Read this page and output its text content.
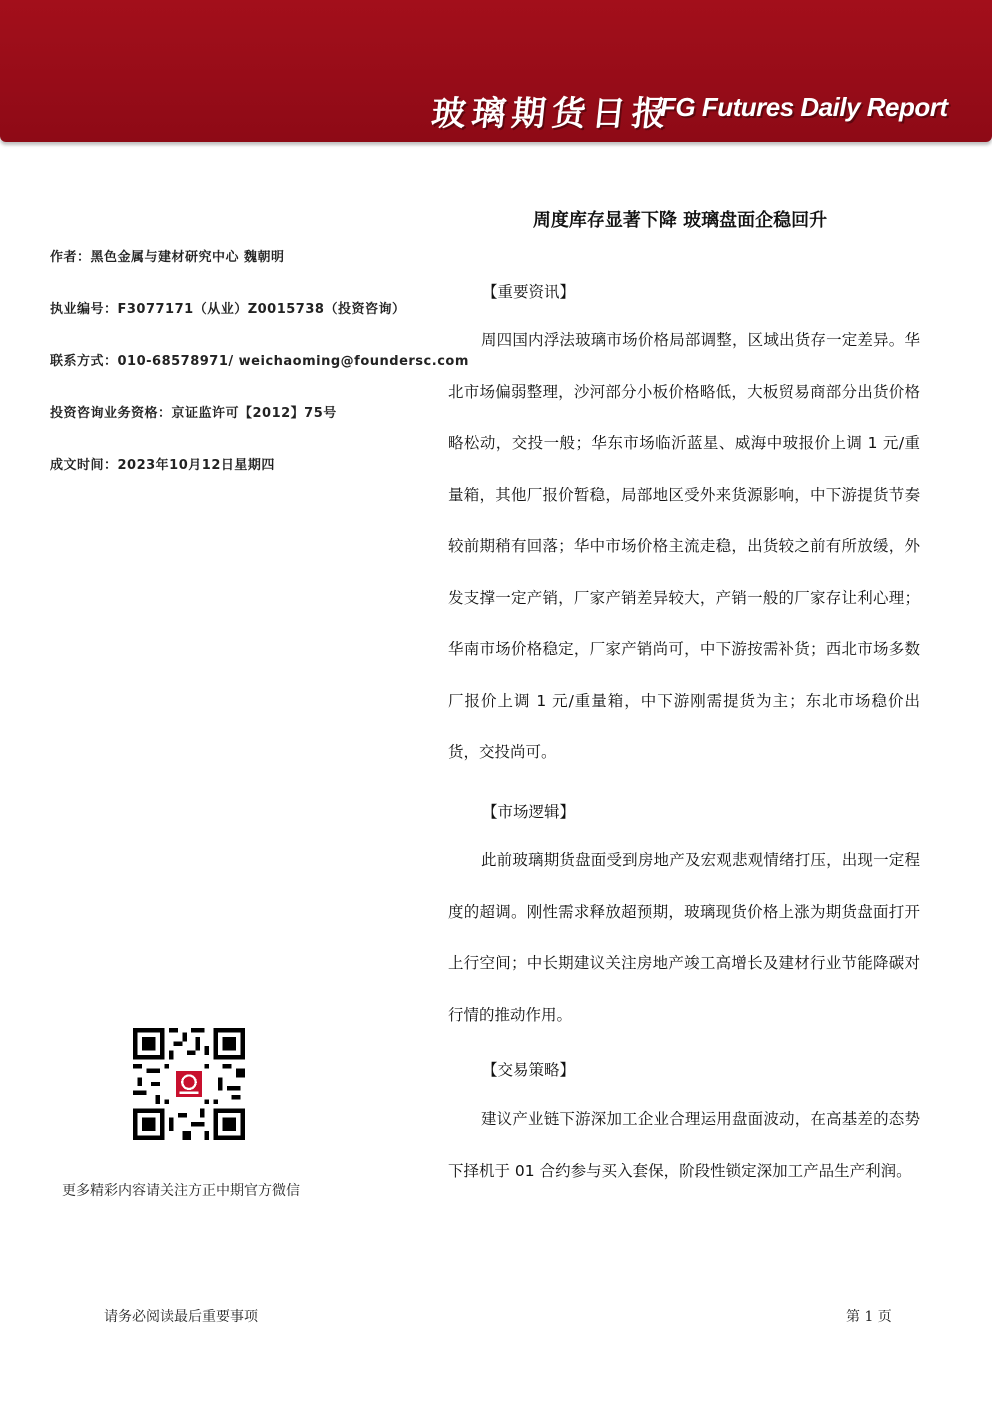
玻璃期货日报
FG Futures Daily Report
作者：黑色金属与建材研究中心 魏朝明
执业编号：F3077171（从业）Z0015738（投资咨询）
联系方式：010-68578971/ weichaoming@foundersc.com
投资咨询业务资格：京证监许可【2012】75号
成文时间：2023年10月12日星期四
更多精彩内容请关注方正中期官方微信
周度库存显著下降 玻璃盘面企稳回升
【重要资讯】

周四国内浮法玻璃市场价格局部调整，区域出货存一定差异。华北市场偏弱整理，沙河部分小板价格略低，大板贸易商部分出货价格略松动，交投一般；华东市场临沂蓝星、威海中玻报价上调 1 元/重量箱，其他厂报价暂稳，局部地区受外来货源影响，中下游提货节奏较前期稍有回落；华中市场价格主流走稳，出货较之前有所放缓，外发支撑一定产销，厂家产销差异较大，产销一般的厂家存让利心理；华南市场价格稳定，厂家产销尚可，中下游按需补货；西北市场多数厂报价上调 1 元/重量箱，中下游刚需提货为主；东北市场稳价出货，交投尚可。

【市场逻辑】

此前玻璃期货盘面受到房地产及宏观悲观情绪打压，出现一定程度的超调。刚性需求释放超预期，玻璃现货价格上涨为期货盘面打开上行空间；中长期建议关注房地产竣工高增长及建材行业节能降碳对行情的推动作用。

【交易策略】

建议产业链下游深加工企业合理运用盘面波动，在高基差的态势下择机于 01 合约参与买入套保，阶段性锁定深加工产品生产利润。

请务必阅读最后重要事项	第 1 页
